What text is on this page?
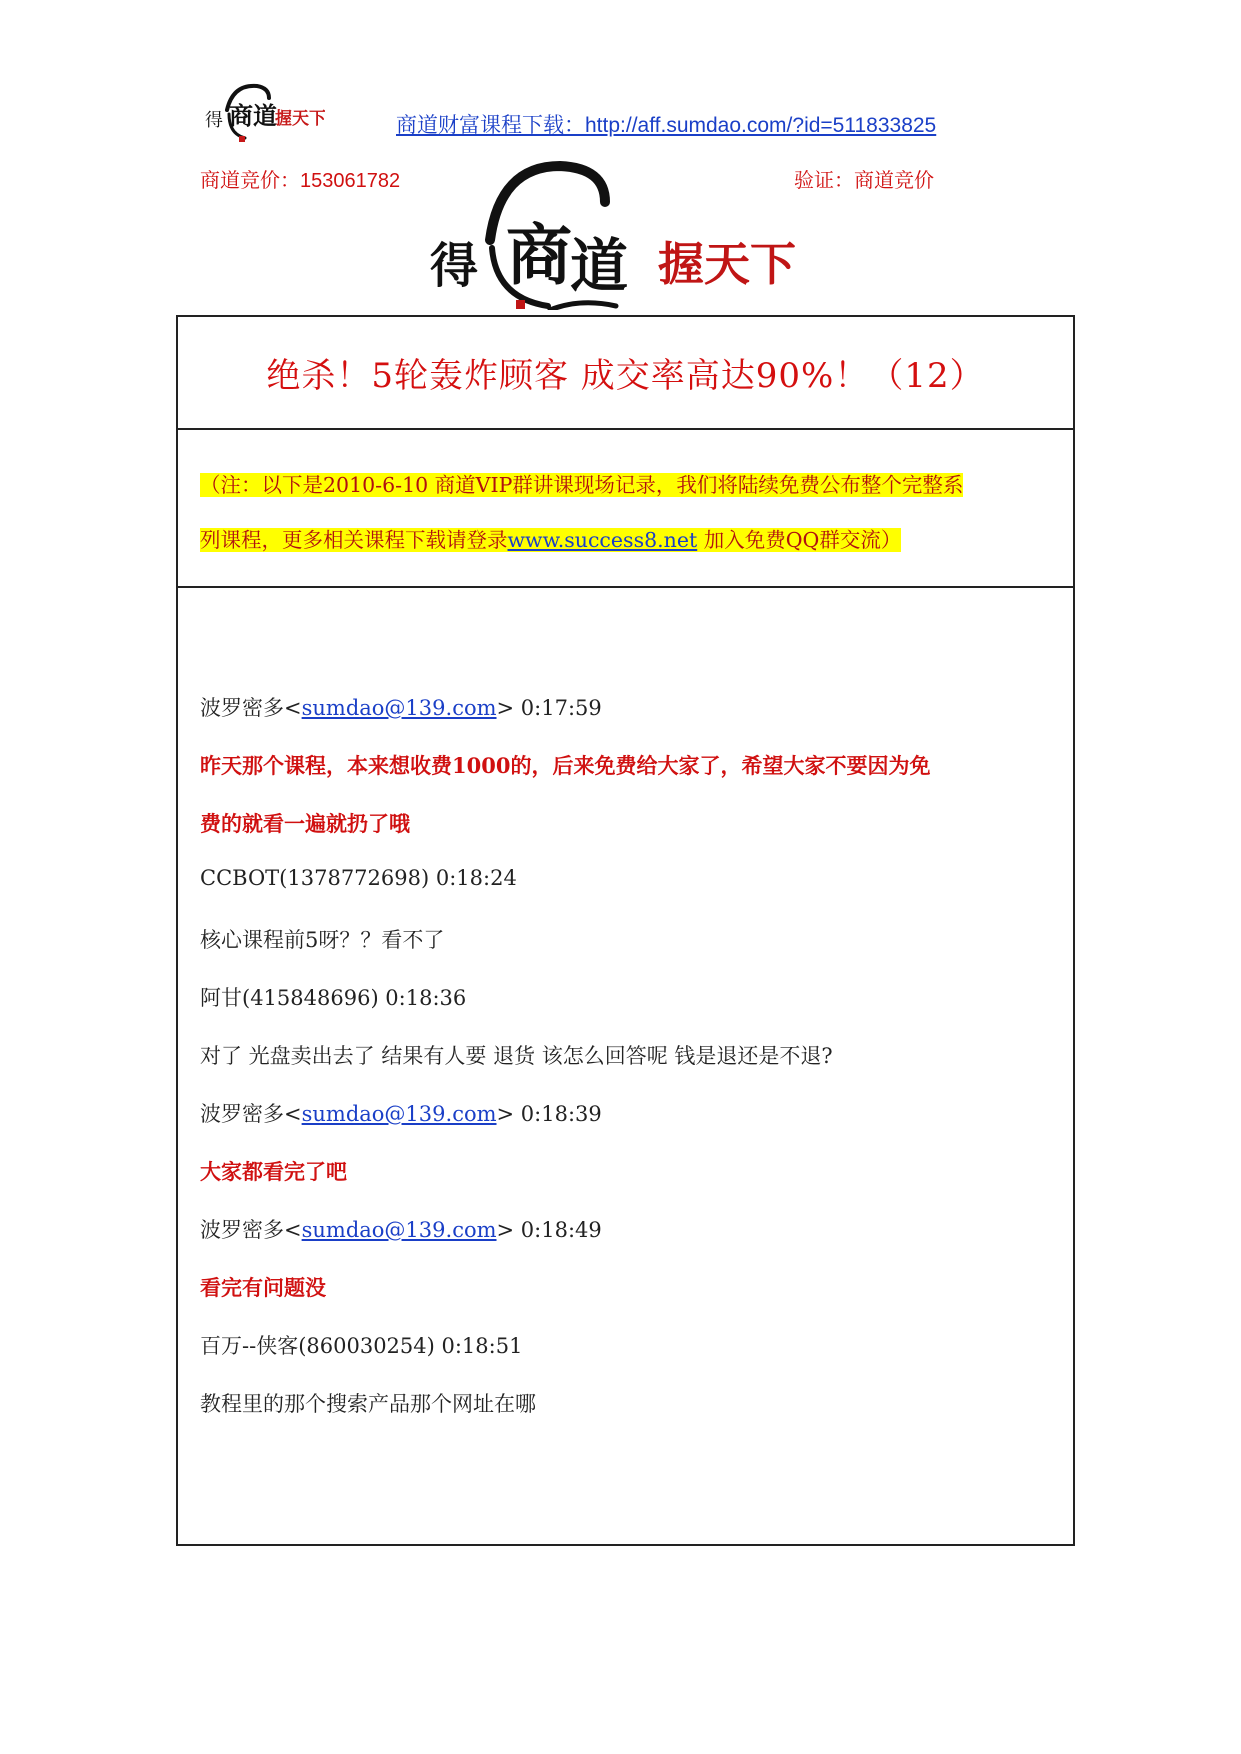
得 商道
握天下	商道财富课程下载：http://aff.sumdao.com/?id=511833825
商道竞价：153061782	验证：商道竞价
得 商
道 握天下
绝杀！5轮轰炸顾客 成交率高达90%！（12）
（注：以下是2010-6-10 商道VIP群讲课现场记录，我们将陆续免费公布整个完整系
列课程，更多相关课程下载请登录www.success8.net 加入免费QQ群交流）
波罗密多<sumdao@139.com> 0:17:59
昨天那个课程，本来想收费1000的，后来免费给大家了，希望大家不要因为免
费的就看一遍就扔了哦
CCBOT(1378772698) 0:18:24
核心课程前5呀？？看不了
阿甘(415848696) 0:18:36
对了 光盘卖出去了 结果有人要 退货 该怎么回答呢 钱是退还是不退?
波罗密多<sumdao@139.com> 0:18:39
大家都看完了吧
波罗密多<sumdao@139.com> 0:18:49
看完有问题没
百万--侠客(860030254) 0:18:51
教程里的那个搜索产品那个网址在哪
